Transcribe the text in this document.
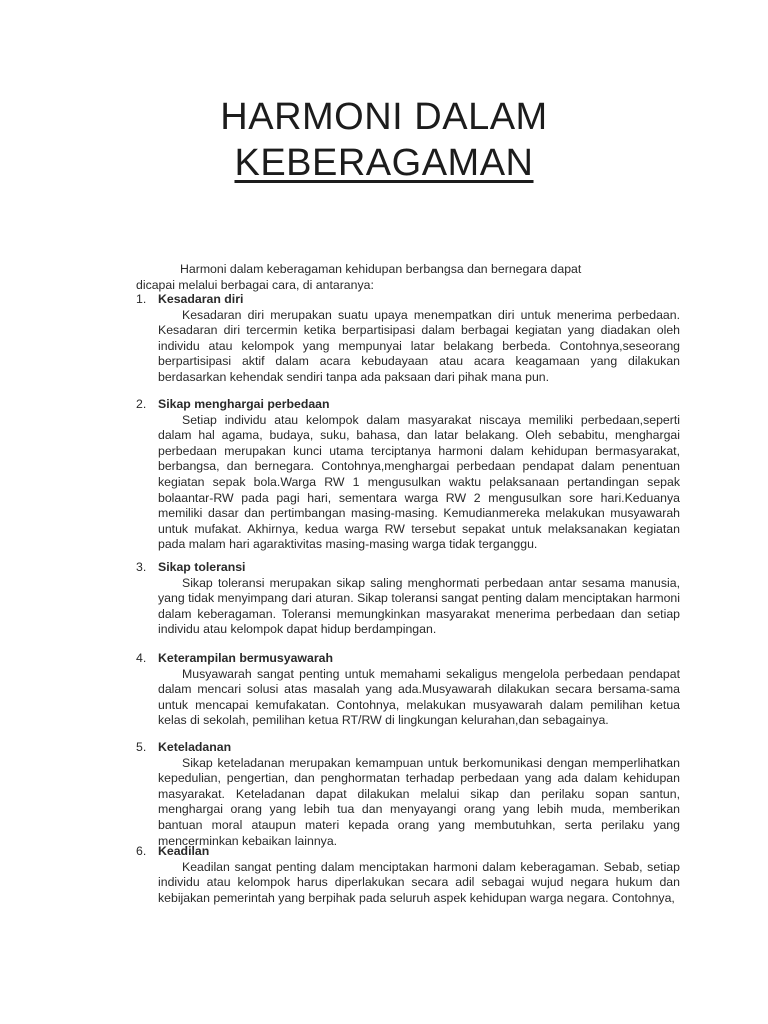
HARMONI DALAM
KEBERAGAMAN

Harmoni dalam keberagaman kehidupan berbangsa dan bernegara dapat

dicapai melalui berbagai cara, di antaranya:

1. Kesadaran diri

Kesadaran diri merupakan suatu upaya menempatkan diri untuk menerima perbedaan. Kesadaran diri tercermin ketika berpartisipasi dalam berbagai kegiatan yang diadakan oleh individu atau kelompok yang mempunyai latar belakang berbeda. Contohnya,seseorang berpartisipasi aktif dalam acara kebudayaan atau acara keagamaan yang dilakukan berdasarkan kehendak sendiri tanpa ada paksaan dari pihak mana pun.

2. Sikap menghargai perbedaan

Setiap individu atau kelompok dalam masyarakat niscaya memiliki perbedaan,seperti dalam hal agama, budaya, suku, bahasa, dan latar belakang. Oleh sebabitu, menghargai perbedaan merupakan kunci utama terciptanya harmoni dalam kehidupan bermasyarakat, berbangsa, dan bernegara. Contohnya,menghargai perbedaan pendapat dalam penentuan kegiatan sepak bola.Warga RW 1 mengusulkan waktu pelaksanaan pertandingan sepak bolaantar-RW pada pagi hari, sementara warga RW 2 mengusulkan sore hari.Keduanya memiliki dasar dan pertimbangan masing-masing. Kemudianmereka melakukan musyawarah untuk mufakat. Akhirnya, kedua warga RW tersebut sepakat untuk melaksanakan kegiatan pada malam hari agaraktivitas masing-masing warga tidak terganggu.

3. Sikap toleransi

Sikap toleransi merupakan sikap saling menghormati perbedaan antar sesama manusia, yang tidak menyimpang dari aturan. Sikap toleransi sangat penting dalam menciptakan harmoni dalam keberagaman. Toleransi memungkinkan masyarakat menerima perbedaan dan setiap individu atau kelompok dapat hidup berdampingan.

4. Keterampilan bermusyawarah

Musyawarah sangat penting untuk memahami sekaligus mengelola perbedaan pendapat dalam mencari solusi atas masalah yang ada.Musyawarah dilakukan secara bersama-sama untuk mencapai kemufakatan. Contohnya, melakukan musyawarah dalam pemilihan ketua kelas di sekolah, pemilihan ketua RT/RW di lingkungan kelurahan,dan sebagainya.

5. Keteladanan

Sikap keteladanan merupakan kemampuan untuk berkomunikasi dengan memperlihatkan kepedulian, pengertian, dan penghormatan terhadap perbedaan yang ada dalam kehidupan masyarakat. Keteladanan dapat dilakukan melalui sikap dan perilaku sopan santun, menghargai orang yang lebih tua dan menyayangi orang yang lebih muda, memberikan bantuan moral ataupun materi kepada orang yang membutuhkan, serta perilaku yang mencerminkan kebaikan lainnya.

6. Keadilan

Keadilan sangat penting dalam menciptakan harmoni dalam keberagaman. Sebab, setiap individu atau kelompok harus diperlakukan secara adil sebagai wujud negara hukum dan kebijakan pemerintah yang berpihak pada seluruh aspek kehidupan warga negara. Contohnya,
